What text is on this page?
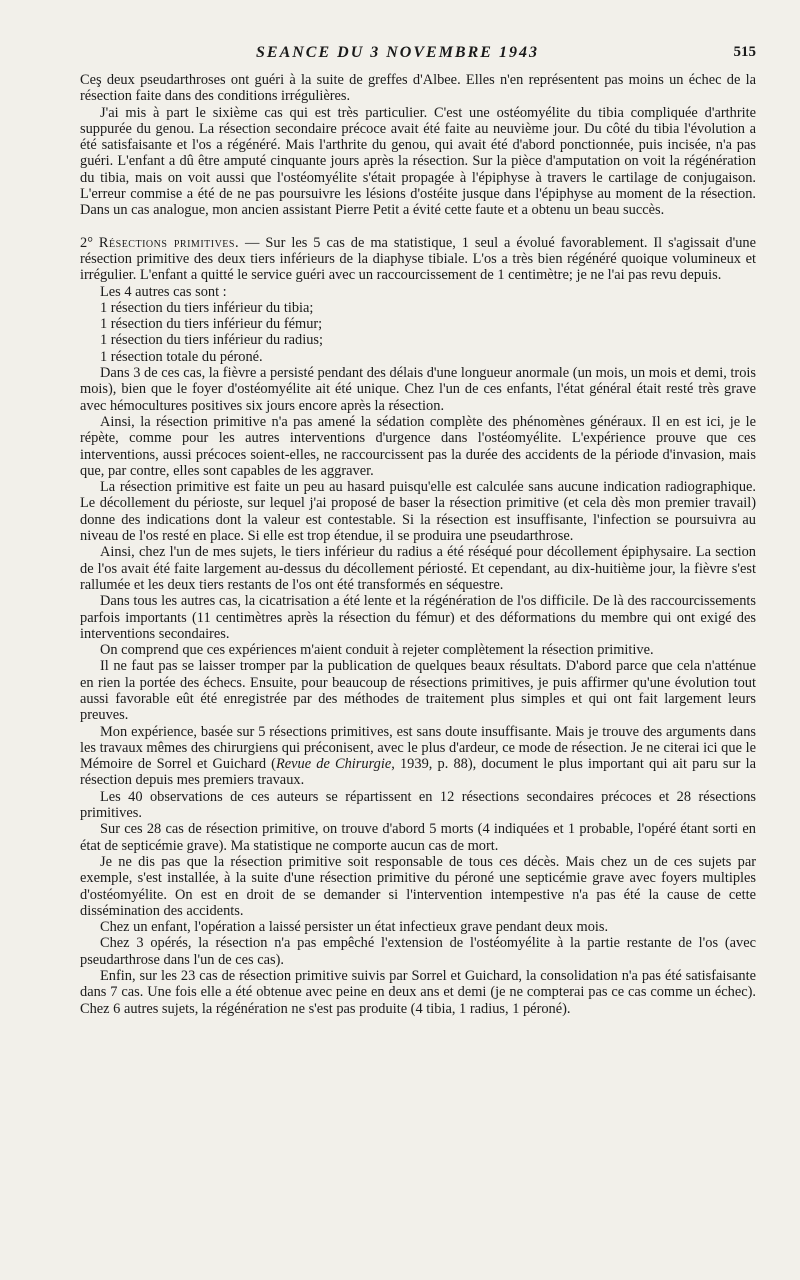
SEANCE DU 3 NOVEMBRE 1943	515

Ceş deux pseudarthroses ont guéri à la suite de greffes d'Albee. Elles n'en représentent pas moins un échec de la résection faite dans des conditions irrégulières.

J'ai mis à part le sixième cas qui est très particulier. C'est une ostéomyélite du tibia compliquée d'arthrite suppurée du genou. La résection secondaire précoce avait été faite au neuvième jour. Du côté du tibia l'évolution a été satisfaisante et l'os a régénéré. Mais l'arthrite du genou, qui avait été d'abord ponctionnée, puis incisée, n'a pas guéri. L'enfant a dû être amputé cinquante jours après la résection. Sur la pièce d'amputation on voit la régénération du tibia, mais on voit aussi que l'ostéomyélite s'était propagée à l'épiphyse à travers le cartilage de conjugaison. L'erreur commise a été de ne pas poursuivre les lésions d'ostéite jusque dans l'épiphyse au moment de la résection. Dans un cas analogue, mon ancien assistant Pierre Petit a évité cette faute et a obtenu un beau succès.

2° Résections primitives. — Sur les 5 cas de ma statistique, 1 seul a évolué favorablement. Il s'agissait d'une résection primitive des deux tiers inférieurs de la diaphyse tibiale. L'os a très bien régénéré quoique volumineux et irrégulier. L'enfant a quitté le service guéri avec un raccourcissement de 1 centimètre; je ne l'ai pas revu depuis.

Les 4 autres cas sont :

1 résection du tiers inférieur du tibia;

1 résection du tiers inférieur du fémur;

1 résection du tiers inférieur du radius;

1 résection totale du péroné.

Dans 3 de ces cas, la fièvre a persisté pendant des délais d'une longueur anormale (un mois, un mois et demi, trois mois), bien que le foyer d'ostéomyélite ait été unique. Chez l'un de ces enfants, l'état général était resté très grave avec hémocultures positives six jours encore après la résection.

Ainsi, la résection primitive n'a pas amené la sédation complète des phénomènes généraux. Il en est ici, je le répète, comme pour les autres interventions d'urgence dans l'ostéomyélite. L'expérience prouve que ces interventions, aussi précoces soient-elles, ne raccourcissent pas la durée des accidents de la période d'invasion, mais que, par contre, elles sont capables de les aggraver.

La résection primitive est faite un peu au hasard puisqu'elle est calculée sans aucune indication radiographique. Le décollement du périoste, sur lequel j'ai proposé de baser la résection primitive (et cela dès mon premier travail) donne des indications dont la valeur est contestable. Si la résection est insuffisante, l'infection se poursuivra au niveau de l'os resté en place. Si elle est trop étendue, il se produira une pseudarthrose.

Ainsi, chez l'un de mes sujets, le tiers inférieur du radius a été réséqué pour décollement épiphysaire. La section de l'os avait été faite largement au-dessus du décollement périosté. Et cependant, au dix-huitième jour, la fièvre s'est rallumée et les deux tiers restants de l'os ont été transformés en séquestre.

Dans tous les autres cas, la cicatrisation a été lente et la régénération de l'os difficile. De là des raccourcissements parfois importants (11 centimètres après la résection du fémur) et des déformations du membre qui ont exigé des interventions secondaires.

On comprend que ces expériences m'aient conduit à rejeter complètement la résection primitive.

Il ne faut pas se laisser tromper par la publication de quelques beaux résultats. D'abord parce que cela n'atténue en rien la portée des échecs. Ensuite, pour beaucoup de résections primitives, je puis affirmer qu'une évolution tout aussi favorable eût été enregistrée par des méthodes de traitement plus simples et qui ont fait largement leurs preuves.

Mon expérience, basée sur 5 résections primitives, est sans doute insuffisante. Mais je trouve des arguments dans les travaux mêmes des chirurgiens qui préconisent, avec le plus d'ardeur, ce mode de résection. Je ne citerai ici que le Mémoire de Sorrel et Guichard (Revue de Chirurgie, 1939, p. 88), document le plus important qui ait paru sur la résection depuis mes premiers travaux.

Les 40 observations de ces auteurs se répartissent en 12 résections secondaires précoces et 28 résections primitives.

Sur ces 28 cas de résection primitive, on trouve d'abord 5 morts (4 indiquées et 1 probable, l'opéré étant sorti en état de septicémie grave). Ma statistique ne comporte aucun cas de mort.

Je ne dis pas que la résection primitive soit responsable de tous ces décès. Mais chez un de ces sujets par exemple, s'est installée, à la suite d'une résection primitive du péroné une septicémie grave avec foyers multiples d'ostéomyélite. On est en droit de se demander si l'intervention intempestive n'a pas été la cause de cette dissémination des accidents.

Chez un enfant, l'opération a laissé persister un état infectieux grave pendant deux mois.

Chez 3 opérés, la résection n'a pas empêché l'extension de l'ostéomyélite à la partie restante de l'os (avec pseudarthrose dans l'un de ces cas).

Enfin, sur les 23 cas de résection primitive suivis par Sorrel et Guichard, la consolidation n'a pas été satisfaisante dans 7 cas. Une fois elle a été obtenue avec peine en deux ans et demi (je ne compterai pas ce cas comme un échec). Chez 6 autres sujets, la régénération ne s'est pas produite (4 tibia, 1 radius, 1 péroné).
